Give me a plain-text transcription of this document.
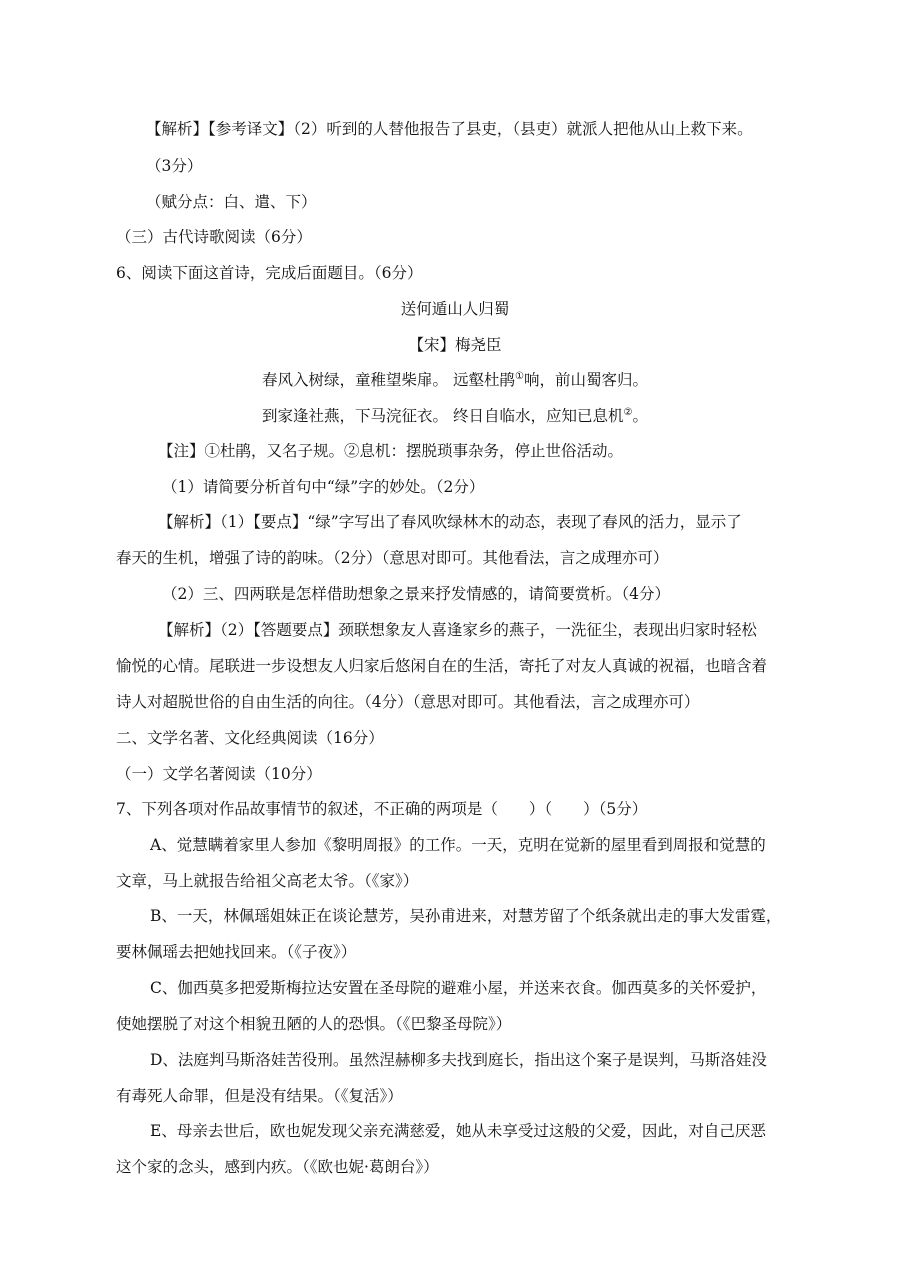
【解析】【参考译文】（2）听到的人替他报告了县吏，（县吏）就派人把他从山上救下来。
（3分）
（赋分点：白、遣、下）
（三）古代诗歌阅读（6分）
6、阅读下面这首诗，完成后面题目。（6分）
送何遁山人归蜀
【宋】梅尧臣
春风入树绿，童稚望柴扉。 远壑杜鹃①响，前山蜀客归。
到家逢社燕，下马浣征衣。 终日自临水，应知已息机②。
【注】①杜鹃，又名子规。②息机：摆脱琐事杂务，停止世俗活动。
（1）请简要分析首句中“绿”字的妙处。（2分）
【解析】（1）【要点】“绿”字写出了春风吹绿林木的动态，表现了春风的活力，显示了
春天的生机，增强了诗的韵味。（2分）（意思对即可。其他看法，言之成理亦可）
（2）三、四两联是怎样借助想象之景来抒发情感的，请简要赏析。（4分）
【解析】（2）【答题要点】颈联想象友人喜逢家乡的燕子，一洗征尘，表现出归家时轻松
愉悦的心情。尾联进一步设想友人归家后悠闲自在的生活，寄托了对友人真诚的祝福，也暗含着
诗人对超脱世俗的自由生活的向往。（4分）（意思对即可。其他看法，言之成理亦可）
二、文学名著、文化经典阅读（16分）
（一）文学名著阅读（10分）
7、下列各项对作品故事情节的叙述，不正确的两项是（　　）（　　）（5分）
A、觉慧瞒着家里人参加《黎明周报》的工作。一天，克明在觉新的屋里看到周报和觉慧的
文章，马上就报告给祖父高老太爷。（《家》）
B、一天，林佩瑶姐妹正在谈论慧芳，吴孙甫进来，对慧芳留了个纸条就出走的事大发雷霆，
要林佩瑶去把她找回来。（《子夜》）
C、伽西莫多把爱斯梅拉达安置在圣母院的避难小屋，并送来衣食。伽西莫多的关怀爱护，
使她摆脱了对这个相貌丑陋的人的恐惧。（《巴黎圣母院》）
D、法庭判马斯洛娃苦役刑。虽然涅赫柳多夫找到庭长，指出这个案子是误判，马斯洛娃没
有毒死人命罪，但是没有结果。（《复活》）
E、母亲去世后，欧也妮发现父亲充满慈爱，她从未享受过这般的父爱，因此，对自己厌恶
这个家的念头，感到内疚。（《欧也妮·葛朗台》）
